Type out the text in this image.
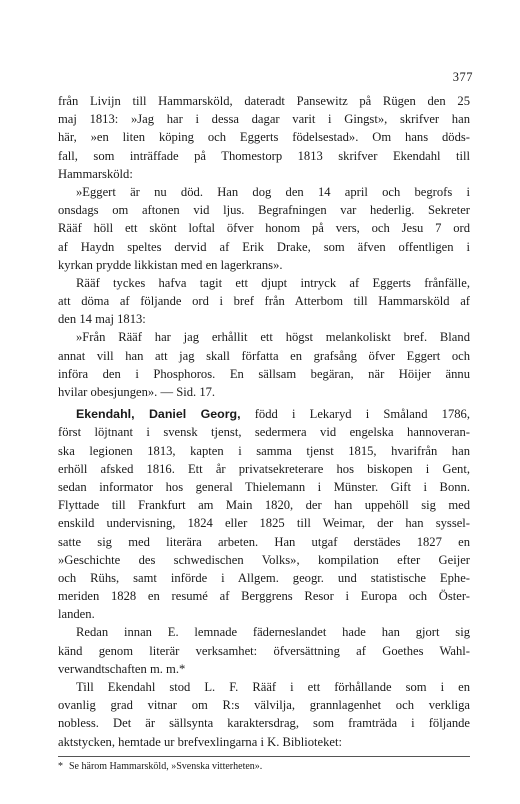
377
från Livijn till Hammarsköld, dateradt Pansewitz på Rügen den 25
maj 1813: »Jag har i dessa dagar varit i Gingst», skrifver han
här, »en liten köping och Eggerts födelsestad». Om hans döds-
fall, som inträffade på Thomestorp 1813 skrifver Ekendahl till
Hammarsköld:
»Eggert är nu död. Han dog den 14 april och begrofs i
onsdags om aftonen vid ljus. Begrafningen var hederlig. Sekreter
Rääf höll ett skönt loftal öfver honom på vers, och Jesu 7 ord
af Haydn speltes dervid af Erik Drake, som äfven offentligen i
kyrkan prydde likkistan med en lagerkrans».
Rääf tyckes hafva tagit ett djupt intryck af Eggerts frånfälle,
att döma af följande ord i bref från Atterbom till Hammarsköld af
den 14 maj 1813:
»Från Rääf har jag erhållit ett högst melankoliskt bref. Bland
annat vill han att jag skall författa en grafsång öfver Eggert och
införa den i Phosphoros. En sällsam begäran, när Höijer ännu
hvilar obesjungen». — Sid. 17.
Ekendahl, Daniel Georg, född i Lekaryd i Småland 1786,
först löjtnant i svensk tjenst, sedermera vid engelska hannoveran-
ska legionen 1813, kapten i samma tjenst 1815, hvarifrån han
erhöll afsked 1816. Ett år privatsekreterare hos biskopen i Gent,
sedan informator hos general Thielemann i Münster. Gift i Bonn.
Flyttade till Frankfurt am Main 1820, der han uppehöll sig med
enskild undervisning, 1824 eller 1825 till Weimar, der han syssel-
satte sig med literära arbeten. Han utgaf derstädes 1827 en
»Geschichte des schwedischen Volks», kompilation efter Geijer
och Rühs, samt införde i Allgem. geogr. und statistische Ephe-
meriden 1828 en resumé af Berggrens Resor i Europa och Öster-
landen.
Redan innan E. lemnade fäderneslandet hade han gjort sig
känd genom literär verksamhet: öfversättning af Goethes Wahl-
verwandtschaften m. m.*
Till Ekendahl stod L. F. Rääf i ett förhållande som i en
ovanlig grad vitnar om R:s välvilja, grannlagenhet och verkliga
nobless. Det är sällsynta karaktersdrag, som framträda i följande
aktstycken, hemtade ur brefvexlingarna i K. Biblioteket:
* Se härom Hammarsköld, »Svenska vitterheten».
